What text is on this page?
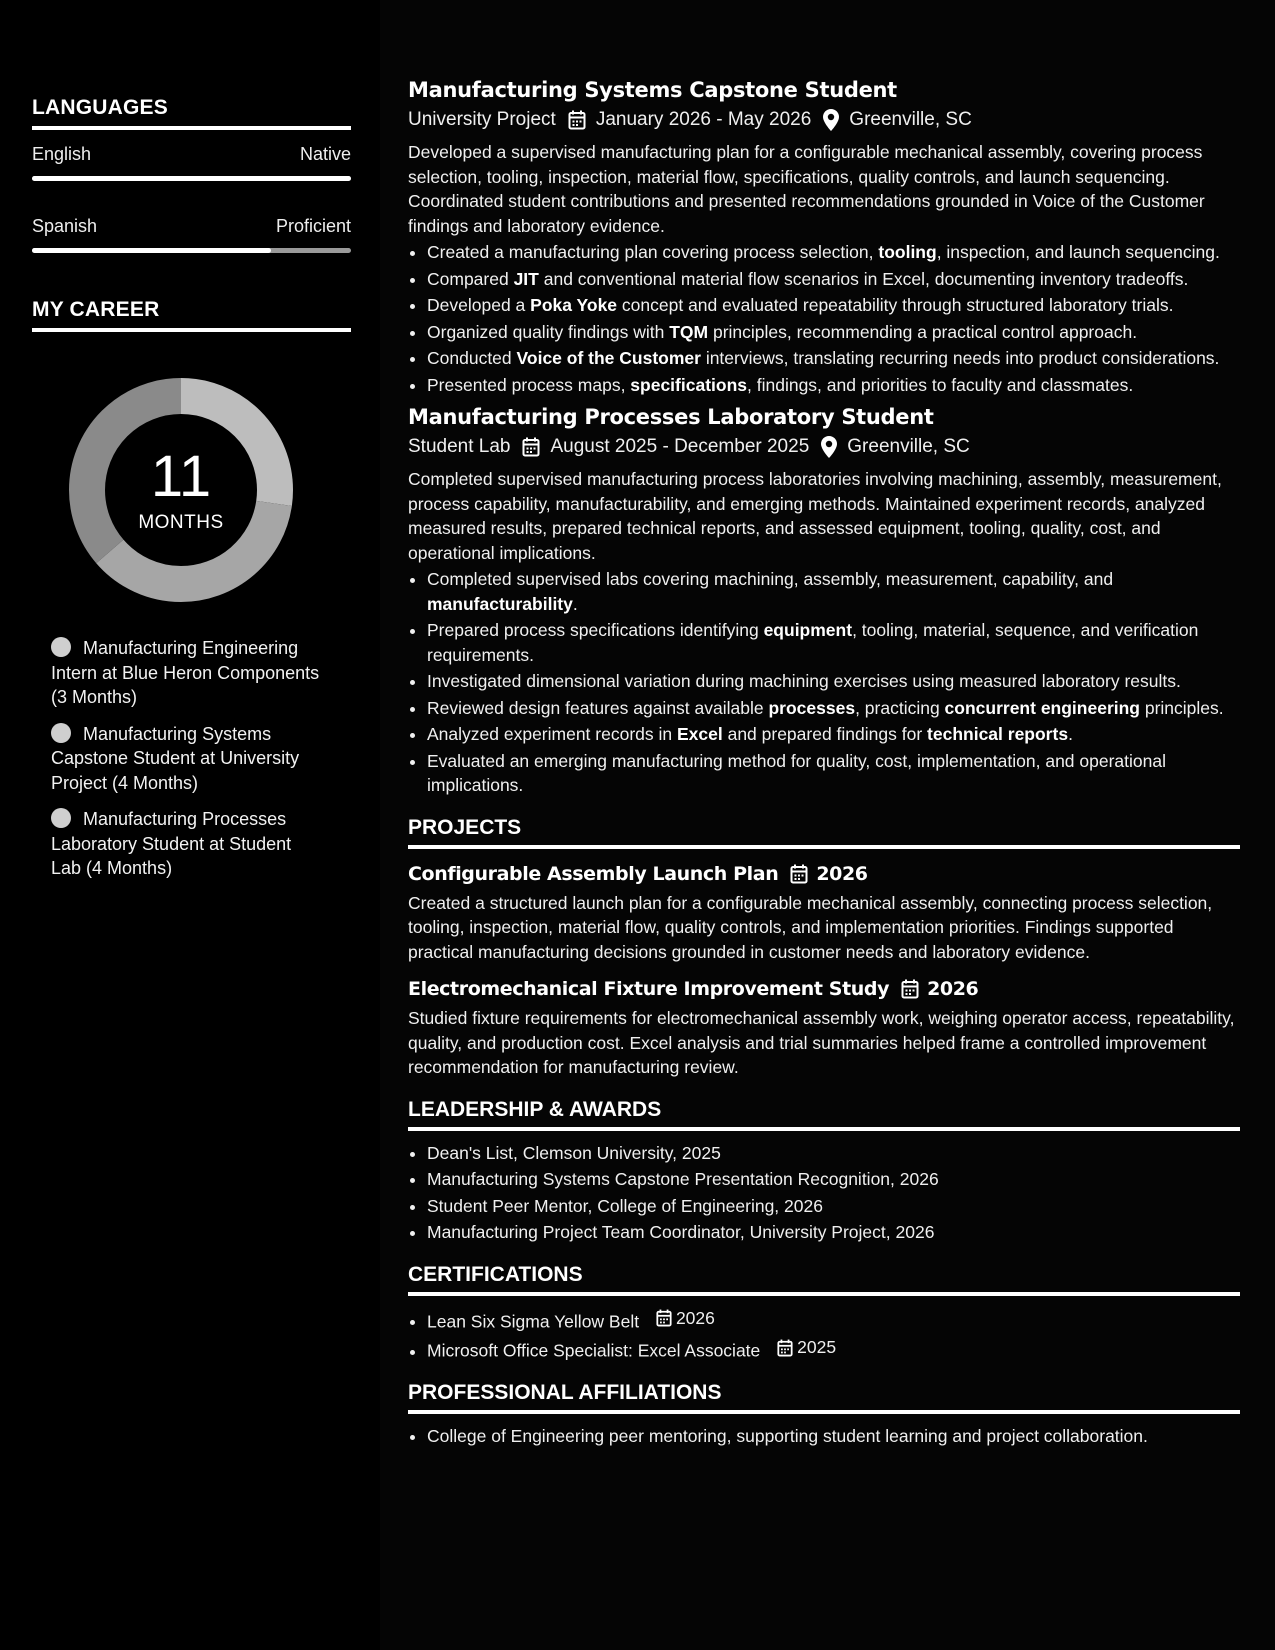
LANGUAGES
English	Native
Spanish	Proficient
MY CAREER
11
MONTHS
Manufacturing Engineering Intern at Blue Heron Components (3 Months)
Manufacturing Systems Capstone Student at University Project (4 Months)
Manufacturing Processes Laboratory Student at Student Lab (4 Months)
Manufacturing Systems Capstone Student
University Project January 2026 - May 2026 Greenville, SC
Developed a supervised manufacturing plan for a configurable mechanical assembly, covering process selection, tooling, inspection, material flow, specifications, quality controls, and launch sequencing. Coordinated student contributions and presented recommendations grounded in Voice of the Customer findings and laboratory evidence.
• Created a manufacturing plan covering process selection, tooling, inspection, and launch sequencing.
• Compared JIT and conventional material flow scenarios in Excel, documenting inventory tradeoffs.
• Developed a Poka Yoke concept and evaluated repeatability through structured laboratory trials.
• Organized quality findings with TQM principles, recommending a practical control approach.
• Conducted Voice of the Customer interviews, translating recurring needs into product considerations.
• Presented process maps, specifications, findings, and priorities to faculty and classmates.
Manufacturing Processes Laboratory Student
Student Lab August 2025 - December 2025 Greenville, SC
Completed supervised manufacturing process laboratories involving machining, assembly, measurement, process capability, manufacturability, and emerging methods. Maintained experiment records, analyzed measured results, prepared technical reports, and assessed equipment, tooling, quality, cost, and operational implications.
• Completed supervised labs covering machining, assembly, measurement, capability, and manufacturability.
• Prepared process specifications identifying equipment, tooling, material, sequence, and verification requirements.
• Investigated dimensional variation during machining exercises using measured laboratory results.
• Reviewed design features against available processes, practicing concurrent engineering principles.
• Analyzed experiment records in Excel and prepared findings for technical reports.
• Evaluated an emerging manufacturing method for quality, cost, implementation, and operational implications.
PROJECTS
Configurable Assembly Launch Plan 2026
Created a structured launch plan for a configurable mechanical assembly, connecting process selection, tooling, inspection, material flow, quality controls, and implementation priorities. Findings supported practical manufacturing decisions grounded in customer needs and laboratory evidence.
Electromechanical Fixture Improvement Study 2026
Studied fixture requirements for electromechanical assembly work, weighing operator access, repeatability, quality, and production cost. Excel analysis and trial summaries helped frame a controlled improvement recommendation for manufacturing review.
LEADERSHIP & AWARDS
• Dean's List, Clemson University, 2025
• Manufacturing Systems Capstone Presentation Recognition, 2026
• Student Peer Mentor, College of Engineering, 2026
• Manufacturing Project Team Coordinator, University Project, 2026
CERTIFICATIONS
• Lean Six Sigma Yellow Belt 2026
• Microsoft Office Specialist: Excel Associate 2025
PROFESSIONAL AFFILIATIONS
• College of Engineering peer mentoring, supporting student learning and project collaboration.
